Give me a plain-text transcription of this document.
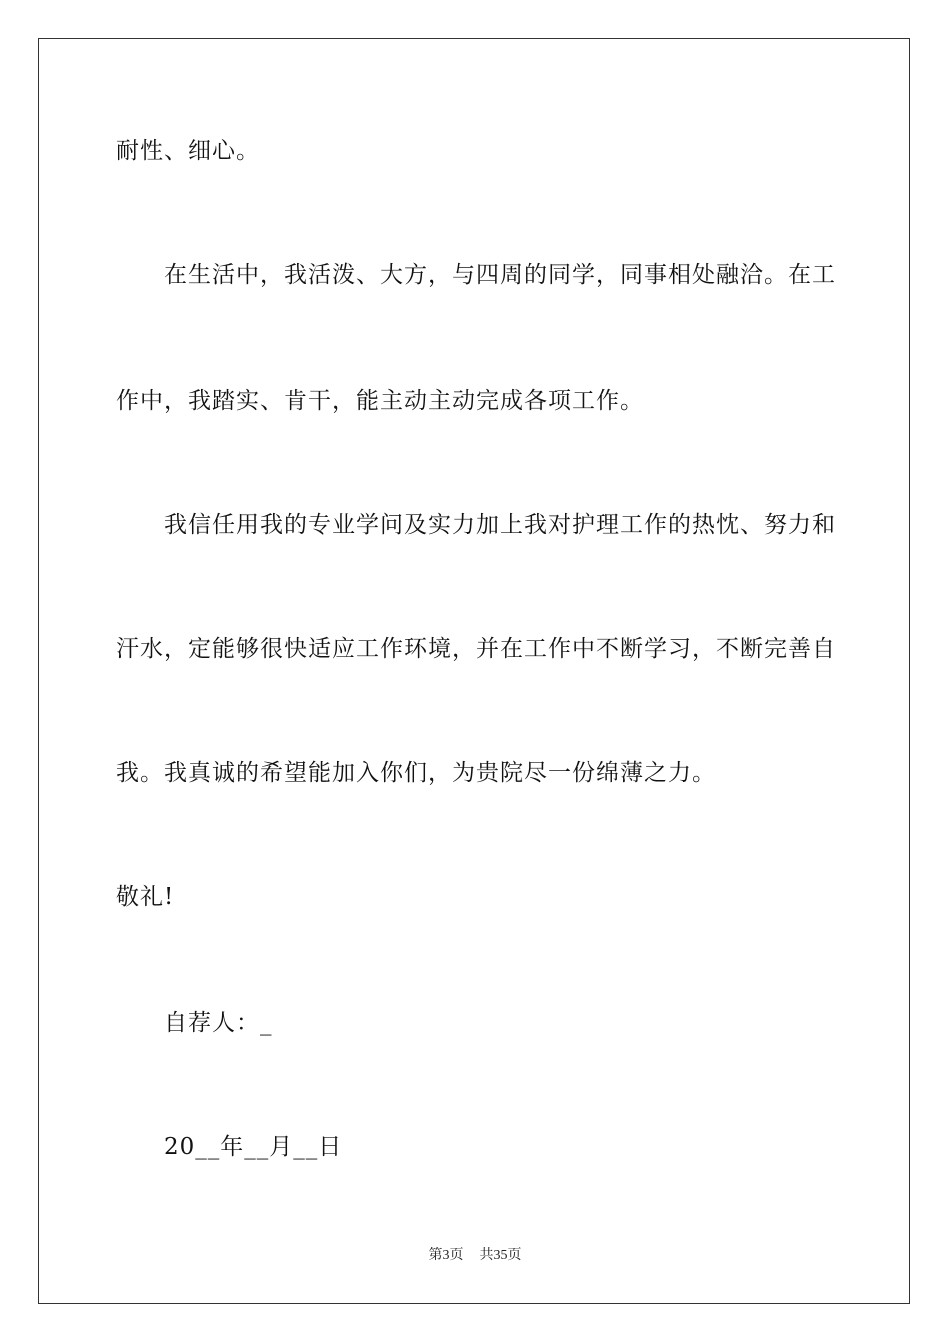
耐性、细心。
在生活中，我活泼、大方，与四周的同学，同事相处融洽。在工
作中，我踏实、肯干，能主动主动完成各项工作。
我信任用我的专业学问及实力加上我对护理工作的热忱、努力和
汗水，定能够很快适应工作环境，并在工作中不断学习，不断完善自
我。我真诚的希望能加入你们，为贵院尽一份绵薄之力。
敬礼!
自荐人：_
20__年__月__日
第3页 共35页
